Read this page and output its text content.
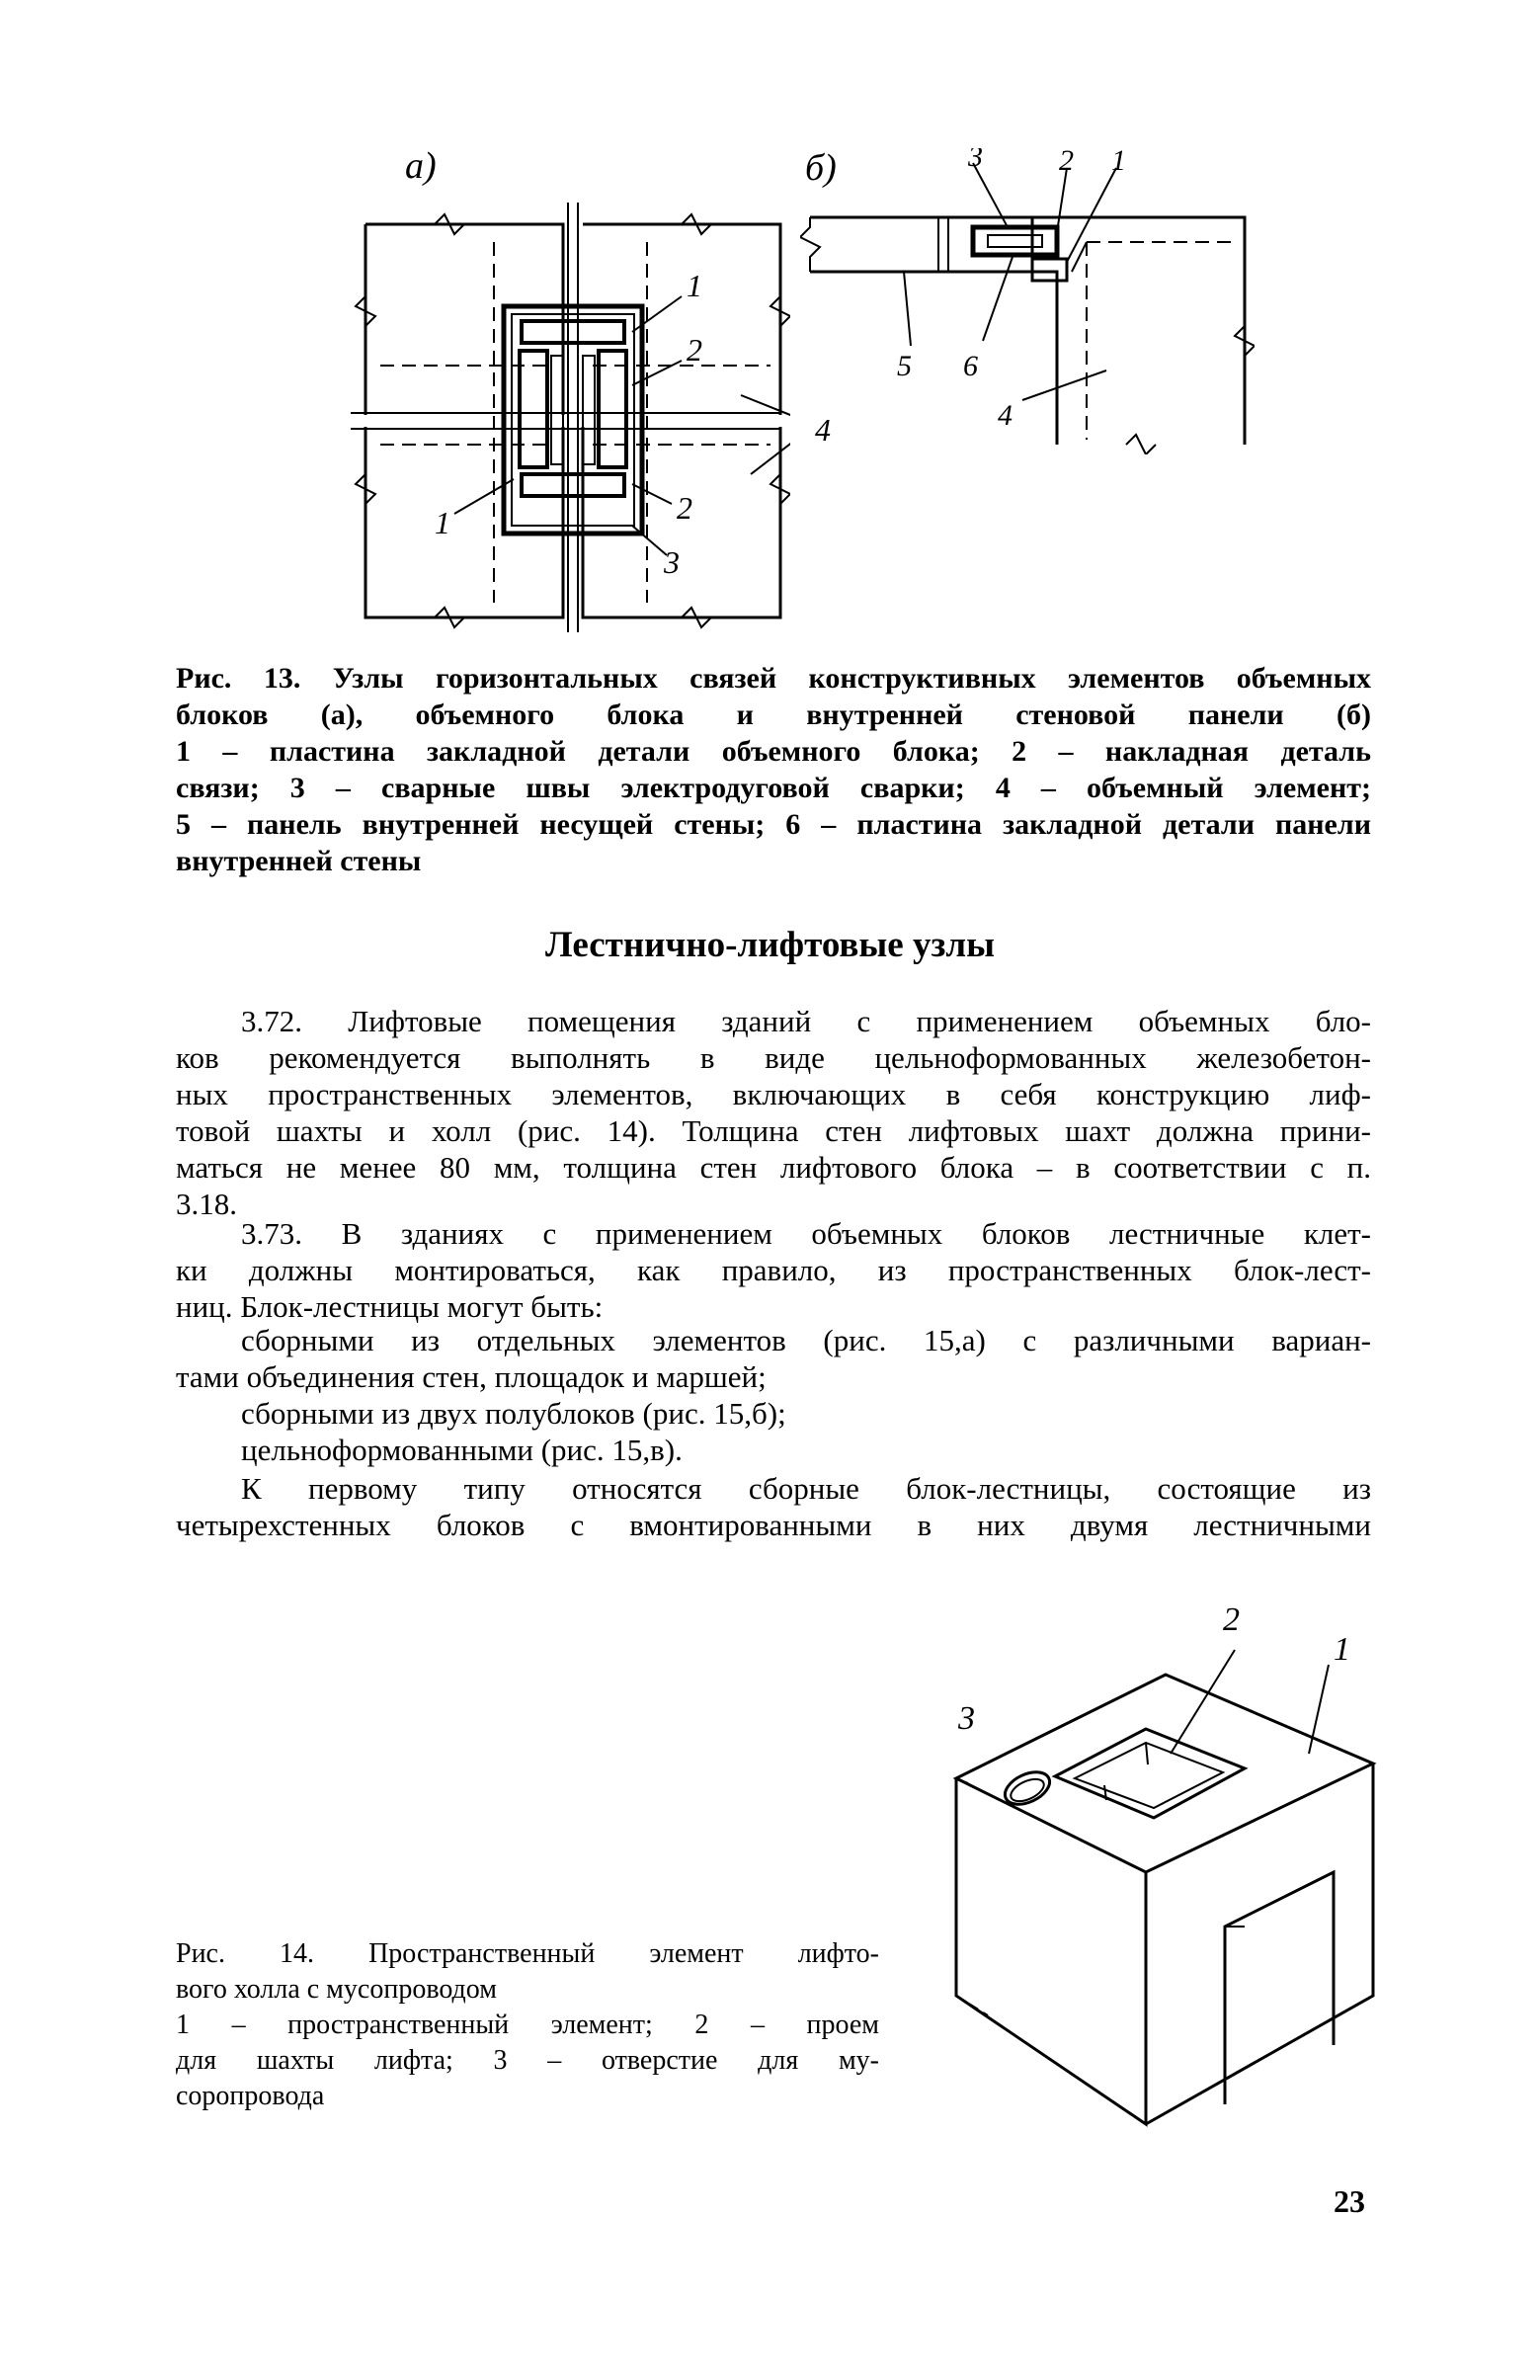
а)
1
2
1	2
3
4
б)	3	2 1
5 6
4
Рис. 13. Узлы горизонтальных связей конструктивных элементов объемных
блоков (а), объемного блока и внутренней стеновой панели (б)
1 – пластина закладной детали объемного блока; 2 – накладная деталь
связи; 3 – сварные швы электродуговой сварки; 4 – объемный элемент;
5 – панель внутренней несущей стены; 6 – пластина закладной детали панели
внутренней стены
Лестнично-лифтовые узлы
3.72. Лифтовые помещения зданий с применением объемных бло-
ков рекомендуется выполнять в виде цельноформованных железобетон-
ных пространственных элементов, включающих в себя конструкцию лиф-
товой шахты и холл (рис. 14). Толщина стен лифтовых шахт должна прини-
маться не менее 80 мм, толщина стен лифтового блока – в соответствии с п.
3.18.
3.73. В зданиях с применением объемных блоков лестничные клет-
ки должны монтироваться, как правило, из пространственных блок-лест-
ниц. Блок-лестницы могут быть:
сборными из отдельных элементов (рис. 15,а) с различными вариан-
тами объединения стен, площадок и маршей;
сборными из двух полублоков (рис. 15,б);
цельноформованными (рис. 15,в).
К первому типу относятся сборные блок-лестницы, состоящие из
четырехстенных блоков с вмонтированными в них двумя лестничными
2
1
3
Рис. 14. Пространственный элемент лифто-
вого холла с мусопроводом
1 – пространственный элемент; 2 – проем
для шахты лифта; 3 – отверстие для му-
соропровода
23
